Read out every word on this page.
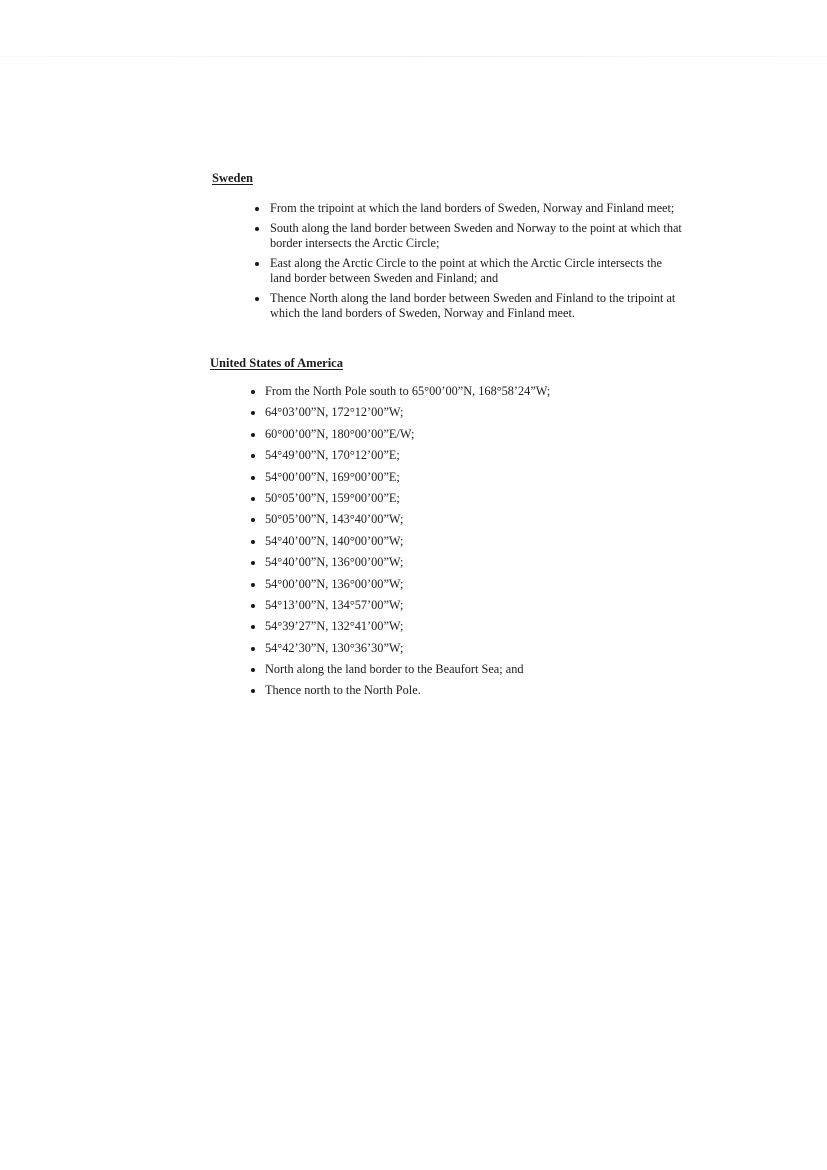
Sweden
From the tripoint at which the land borders of Sweden, Norway and Finland meet;
South along the land border between Sweden and Norway to the point at which that border intersects the Arctic Circle;
East along the Arctic Circle to the point at which the Arctic Circle intersects the land border between Sweden and Finland; and
Thence North along the land border between Sweden and Finland to the tripoint at which the land borders of Sweden, Norway and Finland meet.
United States of America
From the North Pole south to 65°00’00”N, 168°58’24”W;
64°03’00”N, 172°12’00”W;
60°00’00”N, 180°00’00”E/W;
54°49’00”N, 170°12’00”E;
54°00’00”N, 169°00’00”E;
50°05’00”N, 159°00’00”E;
50°05’00”N, 143°40’00”W;
54°40’00”N, 140°00’00”W;
54°40’00”N, 136°00’00”W;
54°00’00”N, 136°00’00”W;
54°13’00”N, 134°57’00”W;
54°39’27”N, 132°41’00”W;
54°42’30”N, 130°36’30”W;
North along the land border to the Beaufort Sea; and
Thence north to the North Pole.
